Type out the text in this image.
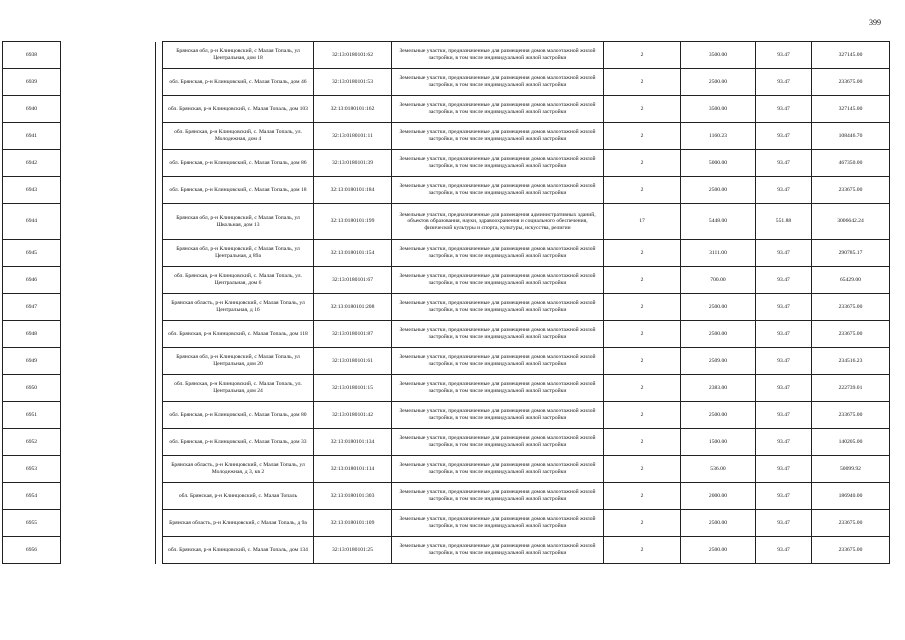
399
6938			Брянская обл, р-н Клинцовский, с Малая Топаль, ул Центральная, дом 18	32:13:0180101:62	Земельные участки, предназначенные для размещения домов малоэтажной жилой застройки, в том числе индивидуальной жилой застройки	2	3500.00	93.47	327145.00
6939			обл. Брянская, р-н Клинцовский, с. Малая Топаль, дом 46	32:13:0180101:53	Земельные участки, предназначенные для размещения домов малоэтажной жилой застройки, в том числе индивидуальной жилой застройки	2	2500.00	93.47	233675.00
6940			обл. Брянская, р-н Клинцовский, с. Малая Топаль, дом 103	32:13:0180101:162	Земельные участки, предназначенные для размещения домов малоэтажной жилой застройки, в том числе индивидуальной жилой застройки	2	3500.00	93.47	327145.00
6941			обл. Брянская, р-н Клинцовский, с. Малая Топаль, ул. Молодежная, дом 4	32:13:0180101:11	Земельные участки, предназначенные для размещения домов малоэтажной жилой застройки, в том числе индивидуальной жилой застройки	2	1160.23	93.47	108446.70
6942			обл. Брянская, р-н Клинцовский, с. Малая Топаль, дом 86	32:13:0180101:39	Земельные участки, предназначенные для размещения домов малоэтажной жилой застройки, в том числе индивидуальной жилой застройки	2	5000.00	93.47	467350.00
6943			обл. Брянская, р-н Клинцовский, с. Малая Топаль, дом 18	32:13:0180101:184	Земельные участки, предназначенные для размещения домов малоэтажной жилой застройки, в том числе индивидуальной жилой застройки	2	2500.00	93.47	233675.00
6944			Брянская обл, р-н Клинцовский, с Малая Топаль, ул Школьная, дом 13	32:13:0180101:199	Земельные участки, предназначенные для размещения административных зданий, объектов образования, науки, здравоохранения и социального обеспечения, физической культуры и спорта, культуры, искусства, религии	17	5448.00	551.88	3006642.24
6945			Брянская обл, р-н Клинцовский, с Малая Топаль, ул Центральная, д 89а	32:13:0180101:154	Земельные участки, предназначенные для размещения домов малоэтажной жилой застройки, в том числе индивидуальной жилой застройки	2	3111.00	93.47	290785.17
6946			обл. Брянская, р-н Клинцовский, с. Малая Топаль, ул. Центральная, дом 6	32:13:0180101:67	Земельные участки, предназначенные для размещения домов малоэтажной жилой застройки, в том числе индивидуальной жилой застройки	2	700.00	93.47	65429.00
6947			Брянская область, р-н Клинцовский, с Малая Топаль, ул Центральная, д 16	32:13:0180101:208	Земельные участки, предназначенные для размещения домов малоэтажной жилой застройки, в том числе индивидуальной жилой застройки	2	2500.00	93.47	233675.00
6948			обл. Брянская, р-н Клинцовский, с. Малая Топаль, дом 118	32:13:0180101:87	Земельные участки, предназначенные для размещения домов малоэтажной жилой застройки, в том числе индивидуальной жилой застройки	2	2500.00	93.47	233675.00
6949			Брянская обл, р-н Клинцовский, с Малая Топаль, ул Центральная, дом 20	32:13:0180101:61	Земельные участки, предназначенные для размещения домов малоэтажной жилой застройки, в том числе индивидуальной жилой застройки	2	2509.00	93.47	234516.23
6950			обл. Брянская, р-н Клинцовский, с. Малая Топаль, ул. Центральная, дом 24	32:13:0180101:15	Земельные участки, предназначенные для размещения домов малоэтажной жилой застройки, в том числе индивидуальной жилой застройки	2	2383.00	93.47	222739.01
6951			обл. Брянская, р-н Клинцовский, с. Малая Топаль, дом 80	32:13:0180101:42	Земельные участки, предназначенные для размещения домов малоэтажной жилой застройки, в том числе индивидуальной жилой застройки	2	2500.00	93.47	233675.00
6952			обл. Брянская, р-н Клинцовский, с. Малая Топаль, дом 33	32:13:0180101:134	Земельные участки, предназначенные для размещения домов малоэтажной жилой застройки, в том числе индивидуальной жилой застройки	2	1500.00	93.47	140205.00
6953			Брянская область, р-н Клинцовский, с Малая Топаль, ул Молодежная, д 3, кв 2	32:13:0180101:114	Земельные участки, предназначенные для размещения домов малоэтажной жилой застройки, в том числе индивидуальной жилой застройки	2	536.00	93.47	50099.92
6954			обл. Брянская, р-н Клинцовский, с. Малая Топаль	32:13:0180101:303	Земельные участки, предназначенные для размещения домов малоэтажной жилой застройки, в том числе индивидуальной жилой застройки	2	2000.00	93.47	186940.00
6955			Брянская область, р-н Клинцовский, с Малая Топаль, д 9а	32:13:0180101:109	Земельные участки, предназначенные для размещения домов малоэтажной жилой застройки, в том числе индивидуальной жилой застройки	2	2500.00	93.47	233675.00
6956			обл. Брянская, р-н Клинцовский, с. Малая Топаль, дом 134	32:13:0180101:25	Земельные участки, предназначенные для размещения домов малоэтажной жилой застройки, в том числе индивидуальной жилой застройки	2	2500.00	93.47	233675.00
